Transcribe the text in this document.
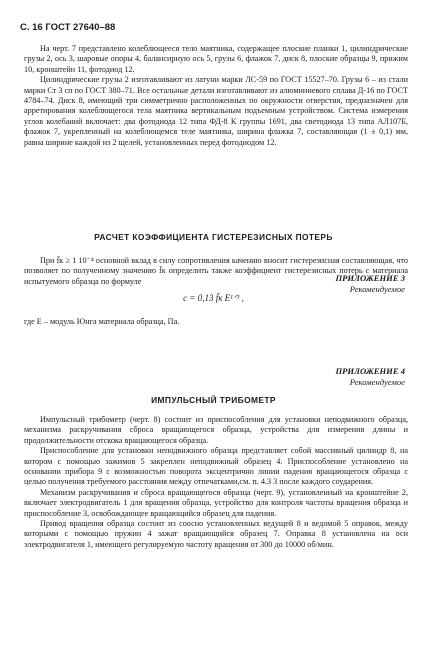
С. 16 ГОСТ 27640–88

На черт. 7 представлено колеблющееся тело маятника, содержащее плоские планки 1, цилиндрические грузы 2, ось 3, шаровые опоры 4, балансирную ось 5, грузы 6, флажок 7, диск 8, плоские образцы 9, прижим 10, кронштейн 11, фотодиод 12.

Цилиндрические грузы 2 изготавливают из латуни марки ЛС-59 по ГОСТ 15527–70. Грузы 6 – из стали марки Ст 3 сп по ГОСТ 380–71. Все остальные детали изготавливают из алюминиевого сплава Д-16 по ГОСТ 4784–74. Диск 8, имеющий три симметрично расположенных по окружности отверстия, предназначен для арретирования колеблющегося тела маятника вертикальным подъемным устройством. Система измерения углов колебаний включает: два фотодиода 12 типа ФД-8 К группы 1691, два светодиода 13 типа АЛ107Б, флажок 7, укрепленный на колеблющемся теле маятника, ширина флажка 7, составляющая (1 ± 0,1) мм, равна ширине каждой из 2 щелей, установленных перед фотодиодом 12.

ПРИЛОЖЕНИЕ 3
Рекомендуемое
РАСЧЕТ КОЭФФИЦИЕНТА ГИСТЕРЕЗИСНЫХ ПОТЕРЬ

При f̄к ≥ 1 10⁻⁴ основной вклад в силу сопротивления качению вносит гистерезисная составляющая, что позволяет по полученному значению f̄к определить также коэффициент гистерезисных потерь c материала испытуемого образца по формуле

c = 0,13 f̄к E¹ᐟ³ ,

где E – модуль Юнга материала образца, Па.

ПРИЛОЖЕНИЕ 4
Рекомендуемое
ИМПУЛЬСНЫЙ ТРИБОМЕТР

Импульсный трибометр (черт. 8) состоит из приспособления для установки неподвижного образца, механизма раскручивания сброса вращающегося образца, устройства для измерения длины и продолжительности отскока вращающегося образца.

Приспособление для установки неподвижного образца представляет собой массивный цилиндр 8, на котором с помощью зажимов 5 закреплен неподвижный образец 4. Приспособление установлено на основании прибора 9 с возможностью поворота эксцентрично линии падения вращающегося образца с целью получения требуемого расстояния между отпечатками,см. п. 4.3 3 после каждого соударения.

Механизм раскручивания и сброса вращающегося образца (черт. 9), установленный на кронштейне 2, включает электродвигатель 1 для вращения образца, устройство для контроля частоты вращения образца и приспособление 3, освобождающее вращающийся образец для падения.

Привод вращения образца состоит из соосно установленных ведущей 8 и ведомой 5 оправок, между которыми с помощью пружин 4 зажат вращающийся образец 7. Оправка 8 установлена на оси электродвигателя 1, имеющего регулируемую частоту вращения от 300 до 10000 об/мин.
